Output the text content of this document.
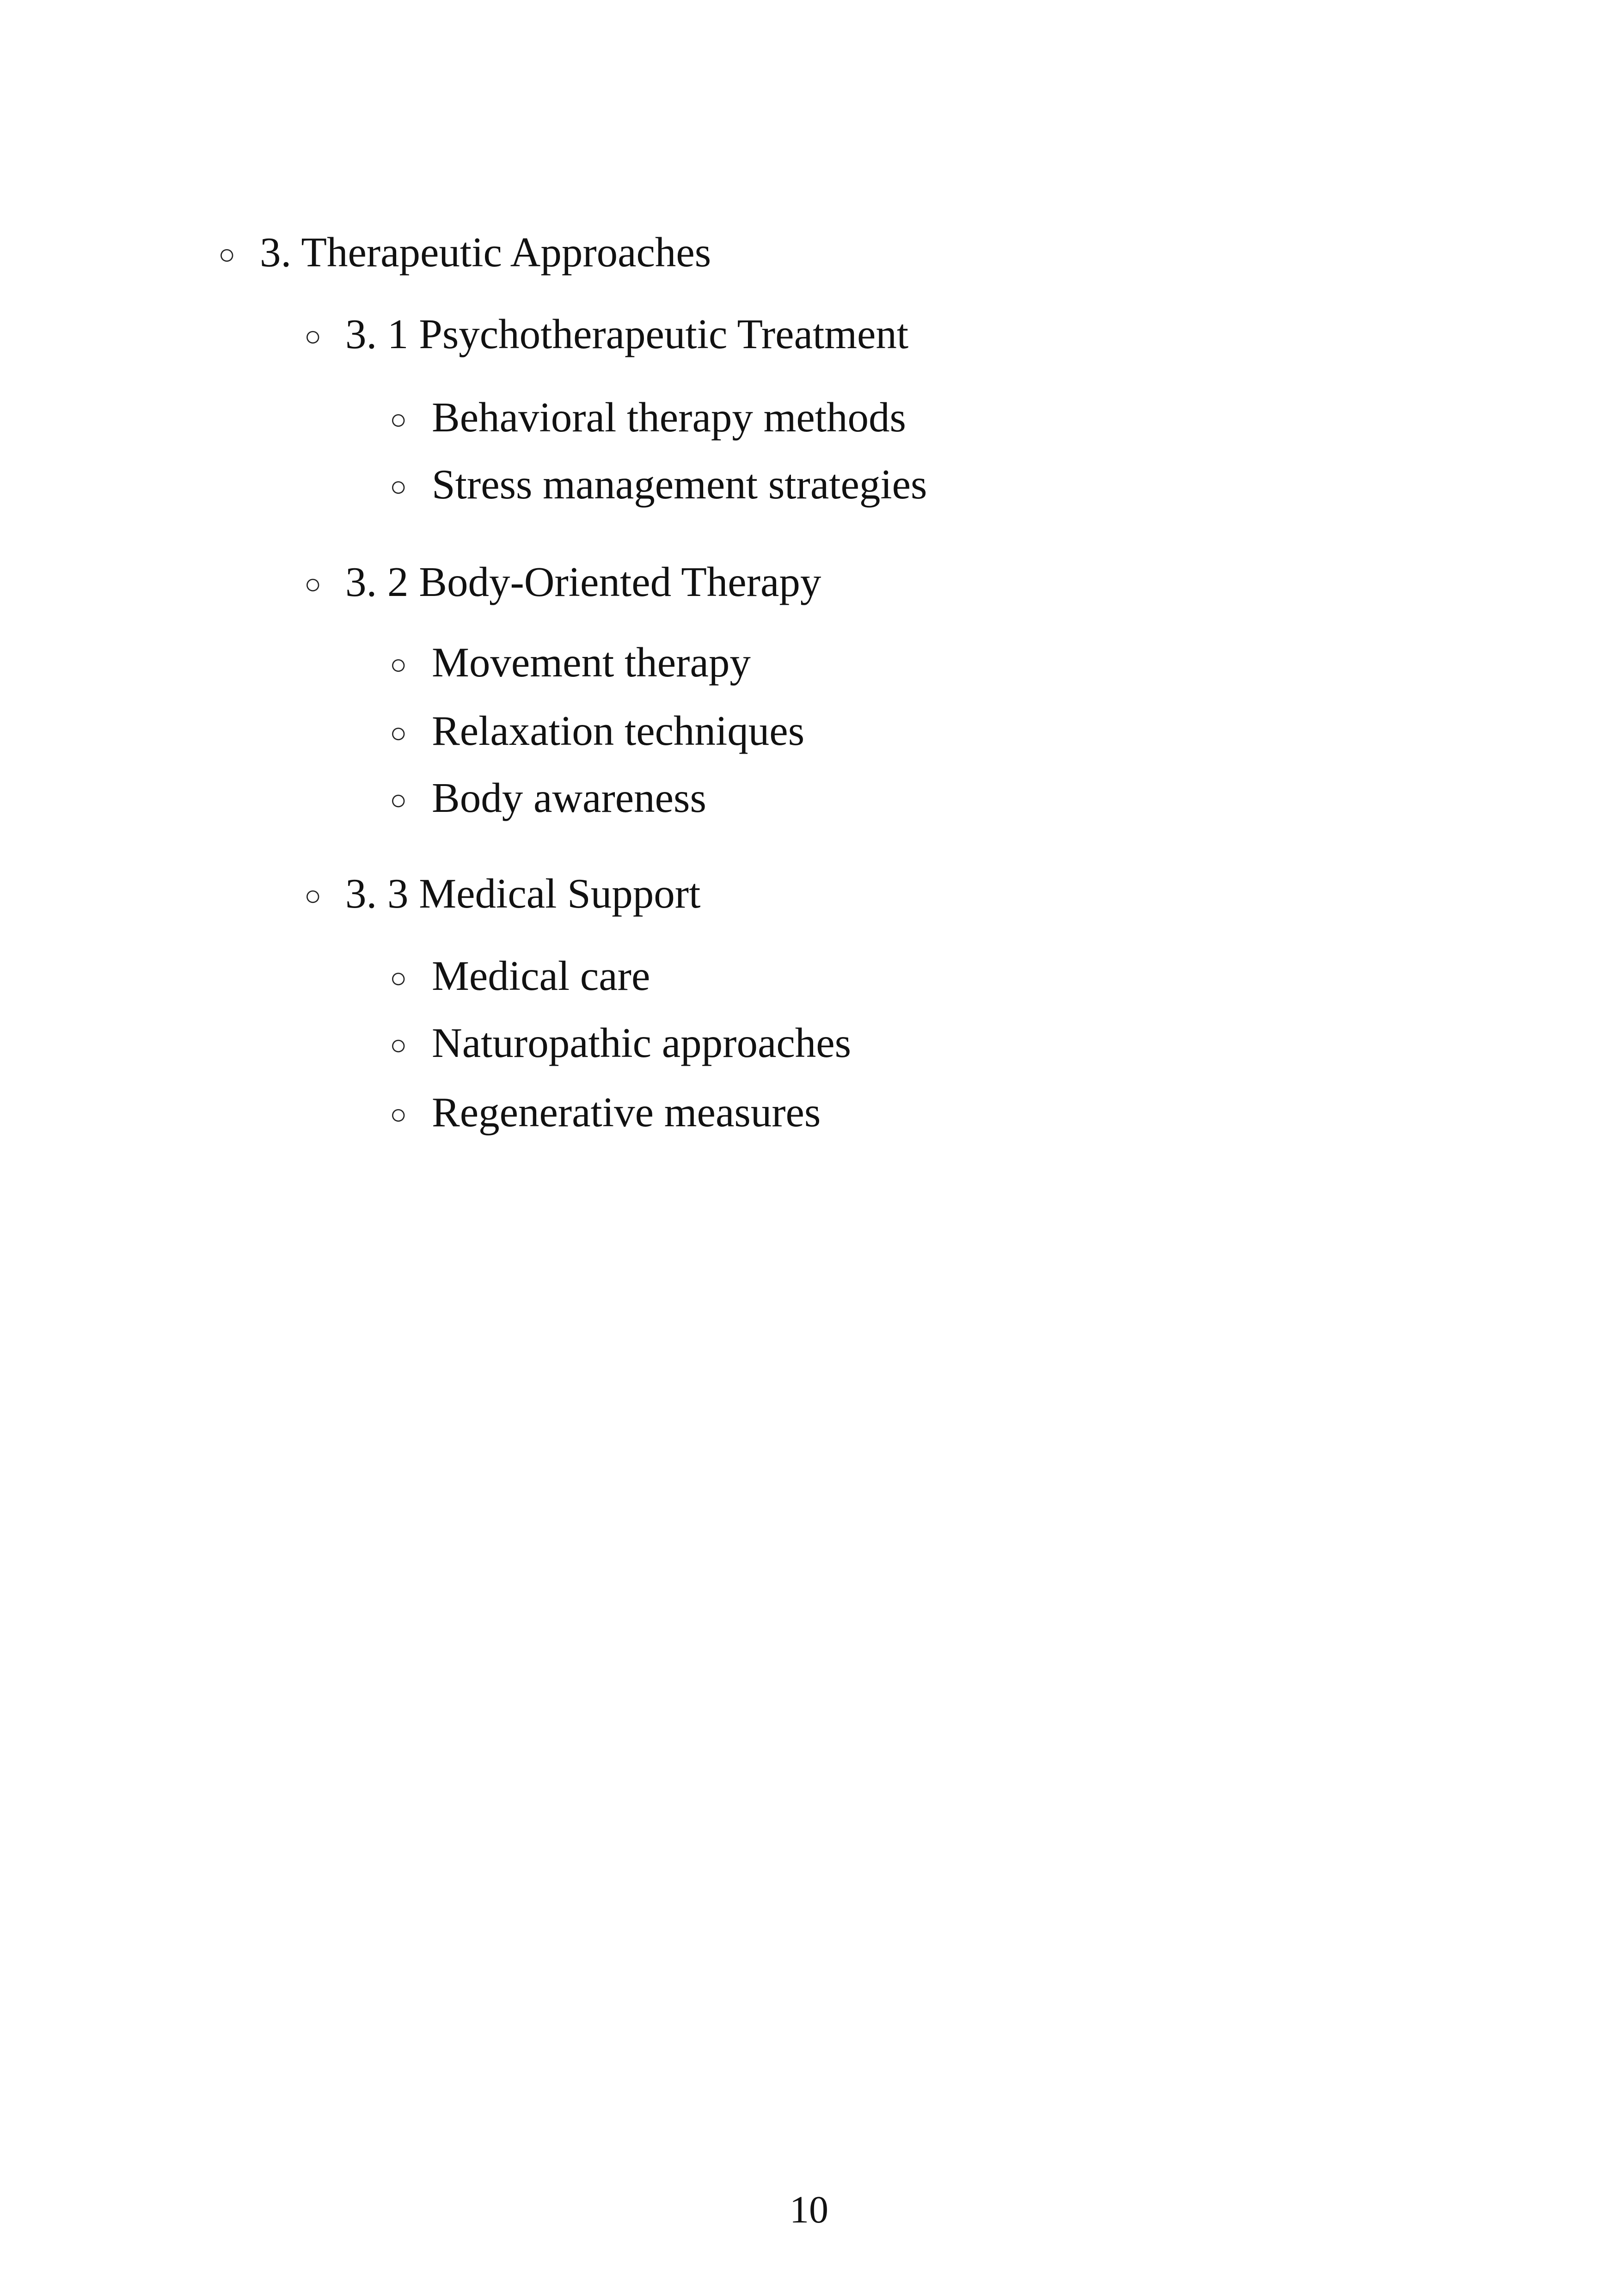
○ 3. Therapeutic Approaches
○ 3. 1 Psychotherapeutic Treatment
○ Behavioral therapy methods
○ Stress management strategies
○ 3. 2 Body-Oriented Therapy
○ Movement therapy
○ Relaxation techniques
○ Body awareness
○ 3. 3 Medical Support
○ Medical care
○ Naturopathic approaches
○ Regenerative measures
10
